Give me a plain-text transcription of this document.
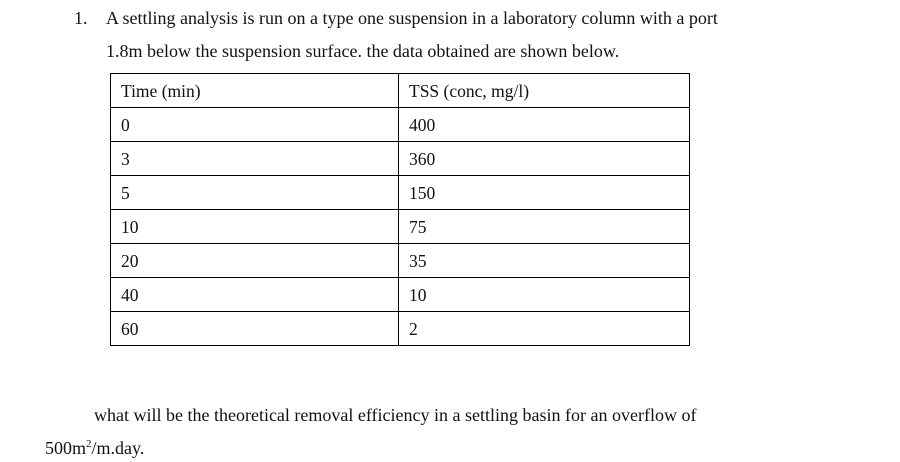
1. A settling analysis is run on a type one suspension in a laboratory column with a port
1.8m below the suspension surface. the data obtained are shown below.
Time (min)	TSS (conc, mg/l)
0	400
3	360
5	150
10	75
20	35
40	10
60	2
what will be the theoretical removal efficiency in a settling basin for an overflow of
$500m^2/m.day$.
